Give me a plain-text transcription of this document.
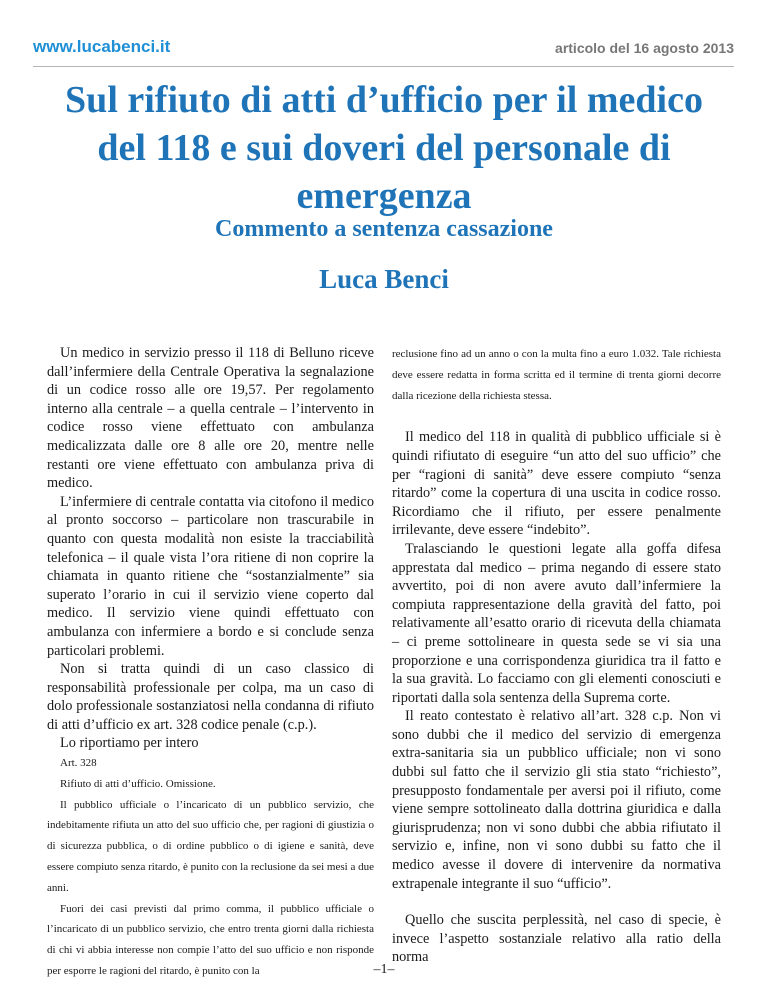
www.lucabenci.it	articolo del 16 agosto 2013
Sul rifiuto di atti d’ufficio per il medico del 118 e sui doveri del personale di emergenza
Commento a sentenza cassazione
Luca Benci

Un medico in servizio presso il 118 di Belluno riceve dall’infermiere della Centrale Operativa la segnalazione di un codice rosso alle ore 19,57. Per regolamento interno alla centrale – a quella centrale – l’intervento in codice rosso viene effettuato con ambulanza medicalizzata dalle ore 8 alle ore 20, mentre nelle restanti ore viene effettuato con ambulanza priva di medico.

L’infermiere di centrale contatta via citofono il medico al pronto soccorso – particolare non trascurabile in quanto con questa modalità non esiste la tracciabilità telefonica – il quale vista l’ora ritiene di non coprire la chiamata in quanto ritiene che “sostanzialmente” sia superato l’orario in cui il servizio viene coperto dal medico. Il servizio viene quindi effettuato con ambulanza con infermiere a bordo e si conclude senza particolari problemi.

Non si tratta quindi di un caso classico di responsabilità professionale per colpa, ma un caso di dolo professionale sostanziatosi nella condanna di rifiuto di atti d’ufficio ex art. 328 codice penale (c.p.).

Lo riportiamo per intero

Art. 328

Rifiuto di atti d’ufficio. Omissione.

Il pubblico ufficiale o l’incaricato di un pubblico servizio, che indebitamente rifiuta un atto del suo ufficio che, per ragioni di giustizia o di sicurezza pubblica, o di ordine pubblico o di igiene e sanità, deve essere compiuto senza ritardo, è punito con la reclusione da sei mesi a due anni.

Fuori dei casi previsti dal primo comma, il pubblico ufficiale o l’incaricato di un pubblico servizio, che entro trenta giorni dalla richiesta di chi vi abbia interesse non compie l’atto del suo ufficio e non risponde per esporre le ragioni del ritardo, è punito con la

reclusione fino ad un anno o con la multa fino a euro 1.032. Tale richiesta deve essere redatta in forma scritta ed il termine di trenta giorni decorre dalla ricezione della richiesta stessa.

Il medico del 118 in qualità di pubblico ufficiale si è quindi rifiutato di eseguire “un atto del suo ufficio” che per “ragioni di sanità” deve essere compiuto “senza ritardo” come la copertura di una uscita in codice rosso. Ricordiamo che il rifiuto, per essere penalmente irrilevante, deve essere “indebito”.

Tralasciando le questioni legate alla goffa difesa apprestata dal medico – prima negando di essere stato avvertito, poi di non avere avuto dall’infermiere la compiuta rappresentazione della gravità del fatto, poi relativamente all’esatto orario di ricevuta della chiamata – ci preme sottolineare in questa sede se vi sia una proporzione e una corrispondenza giuridica tra il fatto e la sua gravità. Lo facciamo con gli elementi conosciuti e riportati dalla sola sentenza della Suprema corte.

Il reato contestato è relativo all’art. 328 c.p. Non vi sono dubbi che il medico del servizio di emergenza extra-sanitaria sia un pubblico ufficiale; non vi sono dubbi sul fatto che il servizio gli stia stato “richiesto”, presupposto fondamentale per aversi poi il rifiuto, come viene sempre sottolineato dalla dottrina giuridica e dalla giurisprudenza; non vi sono dubbi che abbia rifiutato il servizio e, infine, non vi sono dubbi su fatto che il medico avesse il dovere di intervenire da normativa extrapenale integrante il suo “ufficio”.

Quello che suscita perplessità, nel caso di specie, è invece l’aspetto sostanziale relativo alla ratio della norma

–1–
